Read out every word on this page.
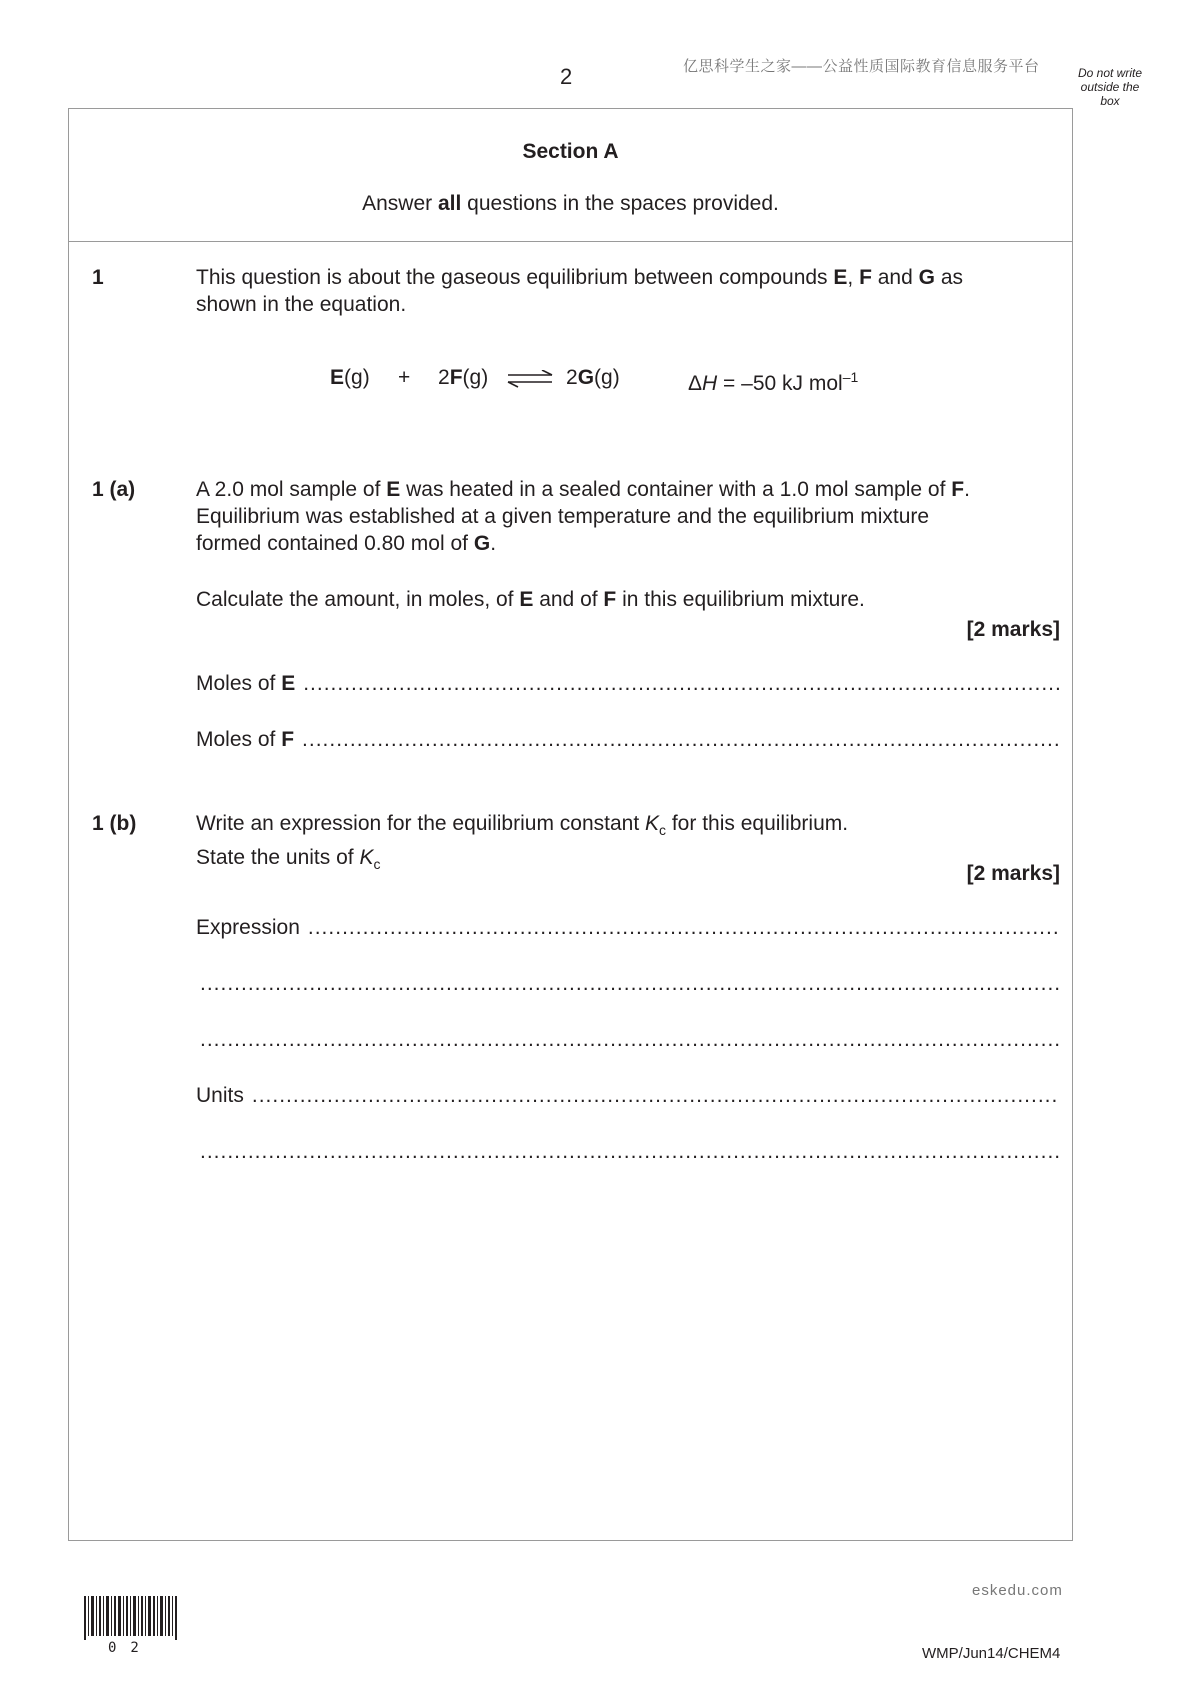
2	亿思科学生之家——公益性质国际教育信息服务平台	Do not write
outside the
box
Section A
Answer all questions in the spaces provided.
1	This question is about the gaseous equilibrium between compounds E, F and G as
shown in the equation.
E(g) + 2F(g) ⇌ 2G(g)	ΔH = –50 kJ mol$^{-1}$
1 (a)	A 2.0 mol sample of E was heated in a sealed container with a 1.0 mol sample of F.
Equilibrium was established at a given temperature and the equilibrium mixture
formed contained 0.80 mol of G.
Calculate the amount, in moles, of E and of F in this equilibrium mixture.
[2 marks]
Moles of E
.....
Moles of F
.....
1 (b)	Write an expression for the equilibrium constant $K_c$ for this equilibrium.
State the units of $K_c$	[2 marks]
Expression
.....
.....
.....
Units
.....
.....
02
eskedu.com
WMP/Jun14/CHEM4
